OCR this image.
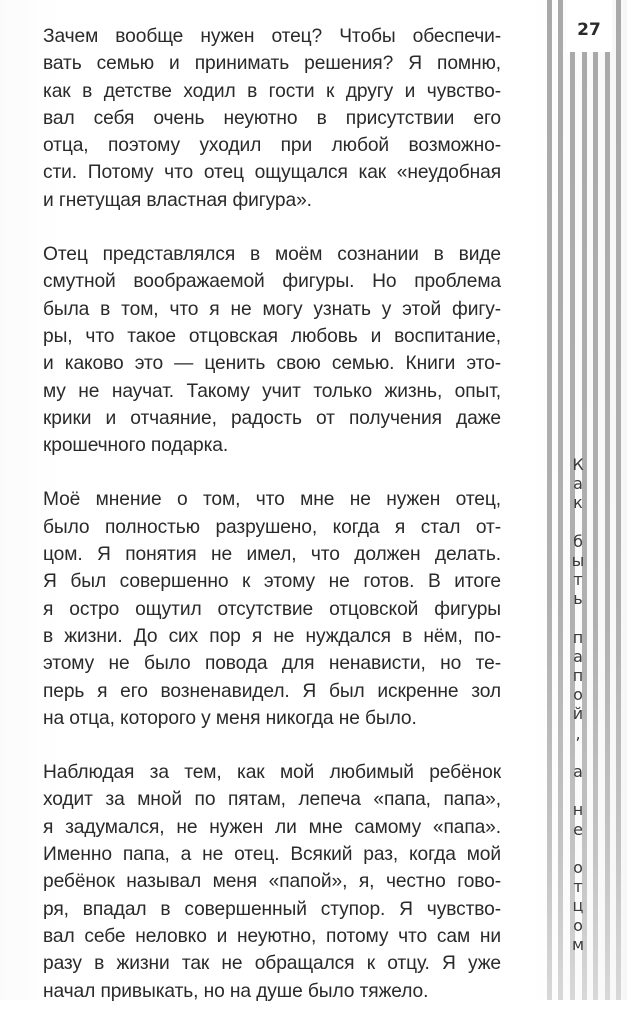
Зачем вообще нужен отец? Чтобы обеспечи-
вать семью и принимать решения? Я помню,
как в детстве ходил в гости к другу и чувство-
вал себя очень неуютно в присутствии его
отца, поэтому уходил при любой возможно-
сти. Потому что отец ощущался как «неудобная
и гнетущая властная фигура».

Отец представлялся в моём сознании в виде
смутной воображаемой фигуры. Но проблема
была в том, что я не могу узнать у этой фигу-
ры, что такое отцовская любовь и воспитание,
и каково это — ценить свою семью. Книги это-
му не научат. Такому учит только жизнь, опыт,
крики и отчаяние, радость от получения даже
крошечного подарка.

Моё мнение о том, что мне не нужен отец,
было полностью разрушено, когда я стал от-
цом. Я понятия не имел, что должен делать.
Я был совершенно к этому не готов. В итоге
я остро ощутил отсутствие отцовской фигуры
в жизни. До сих пор я не нуждался в нём, по-
этому не было повода для ненависти, но те-
перь я его возненавидел. Я был искренне зол
на отца, которого у меня никогда не было.

Наблюдая за тем, как мой любимый ребёнок
ходит за мной по пятам, лепеча «папа, папа»,
я задумался, не нужен ли мне самому «папа».
Именно папа, а не отец. Всякий раз, когда мой
ребёнок называл меня «папой», я, честно гово-
ря, впадал в совершенный ступор. Я чувство-
вал себе неловко и неуютно, потому что сам ни
разу в жизни так не обращался к отцу. Я уже
начал привыкать, но на душе было тяжело.

27
К
а
к

б
ы
т
ь

п
а
п
о
й
,

а

н
е

о
т
ц
о
м
